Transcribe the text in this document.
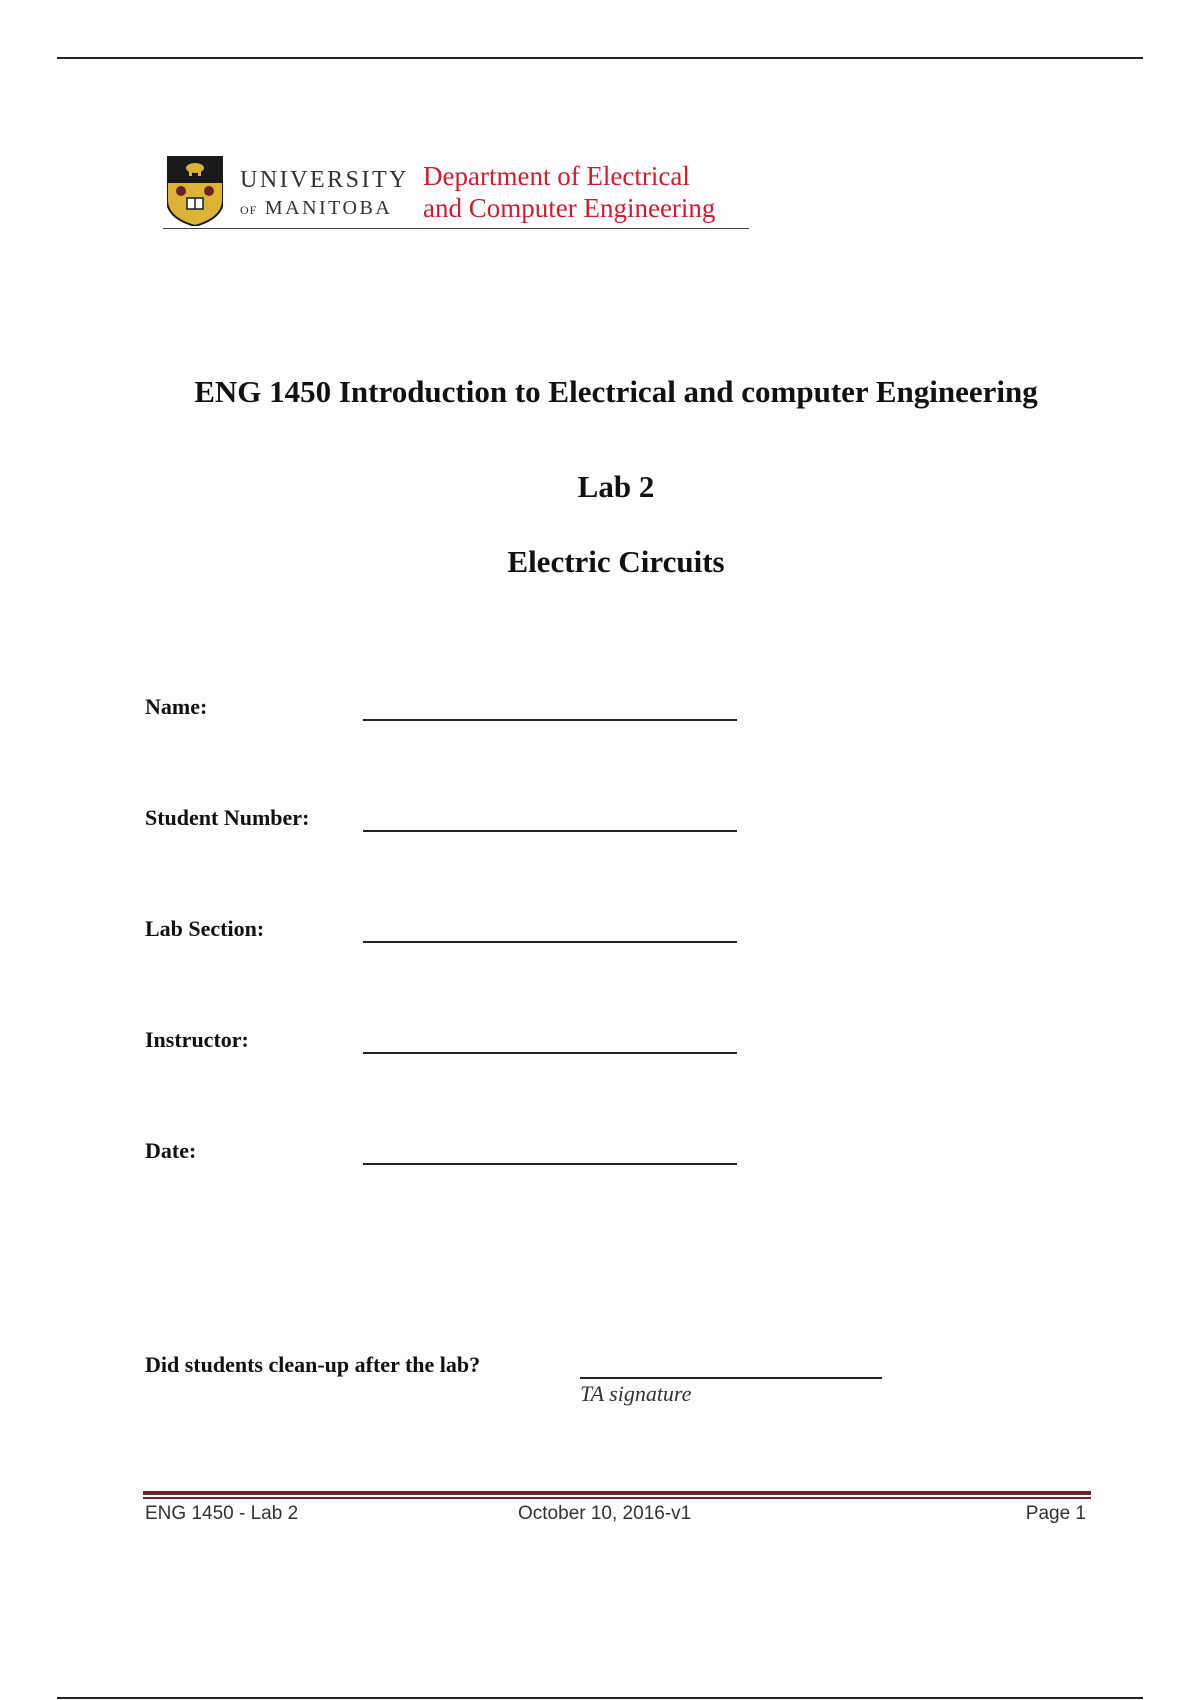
UNIVERSITY
OF MANITOBA
Department of Electrical
and Computer Engineering
ENG 1450 Introduction to Electrical and computer Engineering
Lab 2
Electric Circuits
Name:
Student Number:
Lab Section:
Instructor:
Date:
Did students clean-up after the lab?
TA signature
ENG 1450 - Lab 2	October 10, 2016-v1	Page 1
